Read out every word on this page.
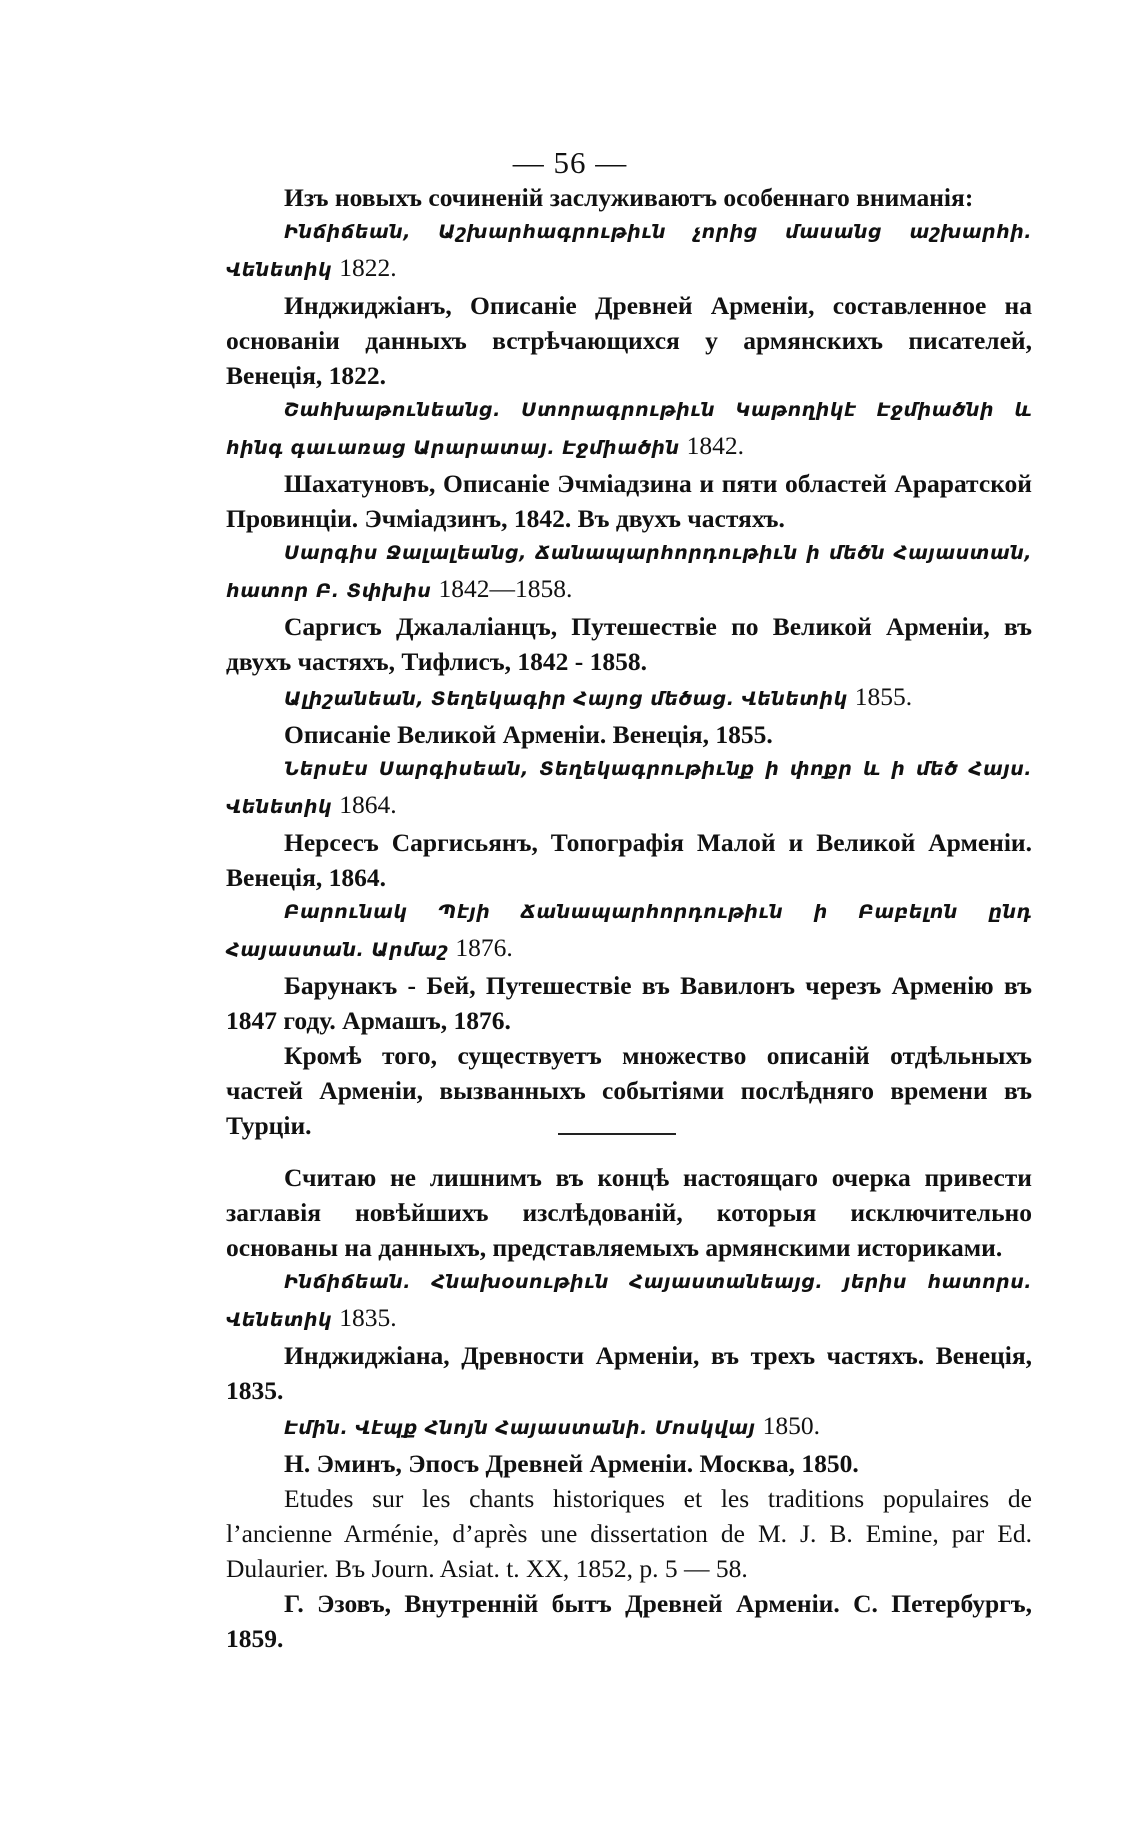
— 56 —

Изъ новыхъ сочиненій заслуживаютъ особеннаго вниманія:

Ինճիճեան, Աշխարհագրութիւն չորից մասանց աշխարհի. Վենետիկ 1822.

Инджиджіанъ, Описаніе Древней Арменіи, составленное на основаніи данныхъ встрѣчающихся у армянскихъ писателей, Венеція, 1822.

Շահխաթունեանց. Ստորագրութիւն Կաթողիկէ Էջմիածնի և հինգ գաւառաց Արարատայ. Էջմիածին 1842.

Шахатуновъ, Описаніе Эчміадзина и пяти областей Араратской Провинціи. Эчміадзинъ, 1842. Въ двухъ частяхъ.

Սարգիս Ջալալեանց, Ճանապարհորդութիւն ի մեծն Հայաստան, հատոր Բ. Տփխիս 1842—1858.

Саргисъ Джалаліанцъ, Путешествіе по Великой Арменіи, въ двухъ частяхъ, Тифлисъ, 1842 - 1858.

Ալիշանեան, Տեղեկագիր Հայոց մեծաց. Վենետիկ 1855.

Описаніе Великой Арменіи. Венеція, 1855.

Ներսէս Սարգիսեան, Տեղեկագրութիւնք ի փոքր և ի մեծ Հայս. Վենետիկ 1864.

Нерсесъ Саргисьянъ, Топографія Малой и Великой Арменіи. Венеція, 1864.

Բարունակ Պէյի Ճանապարհորդութիւն ի Բաբելոն ընդ Հայաստան. Արմաշ 1876.

Барунакъ - Бей, Путешествіе въ Вавилонъ черезъ Арменію въ 1847 году. Армашъ, 1876.

Кромѣ того, существуетъ множество описаній отдѣльныхъ частей Арменіи, вызванныхъ событіями послѣдняго времени въ Турціи.

Считаю не лишнимъ въ концѣ настоящаго очерка привести заглавія новѣйшихъ изслѣдованій, которыя исключительно основаны на данныхъ, представляемыхъ армянскими историками.

Ինճիճեան. Հնախօսութիւն Հայաստանեայց. յերիս հատորս. Վենետիկ 1835.

Инджиджіана, Древности Арменіи, въ трехъ частяхъ. Венеція, 1835.

Էմին. Վէպք Հնոյն Հայաստանի. Մոսկվայ 1850.

Н. Эминъ, Эпосъ Древней Арменіи. Москва, 1850.

Etudes sur les chants historiques et les traditions populaires de l’ancienne Arménie, d’après une dissertation de M. J. B. Emine, par Ed. Dulaurier. Въ Journ. Asiat. t. XX, 1852, p. 5 — 58.

Г. Эзовъ, Внутренній бытъ Древней Арменіи. С. Петербургъ, 1859.
